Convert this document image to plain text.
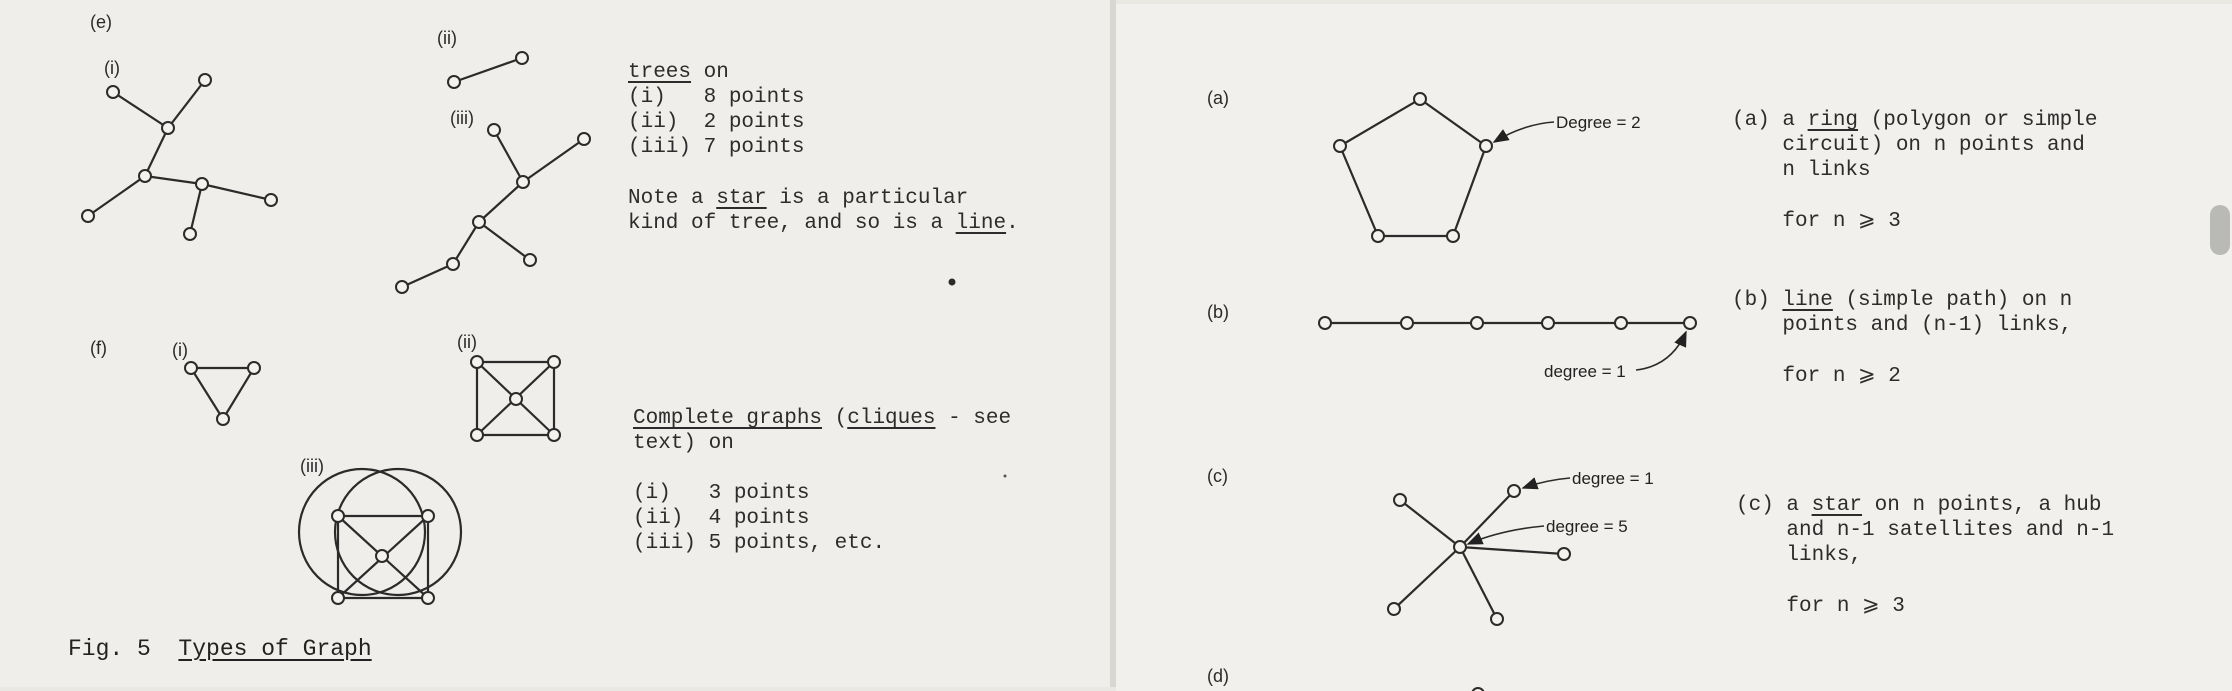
(e)
(i)
(ii)
(iii)
trees on
(i)   8 points
(ii)  2 points
(iii) 7 points
Note a star is a particular
kind of tree, and so is a line.
(f)	(i)	(ii)
(iii)
Complete graphs (cliques - see
text) on
(i)   3 points
(ii)  4 points
(iii) 5 points, etc.
Fig. 5  Types of Graph
(a)
(b)
(c)
(d)
(a) a ring (polygon or simple
circuit) on n points and
n links
for n ⩾ 3
(b) line (simple path) on n
points and (n-1) links,
for n ⩾ 2
(c) a star on n points, a hub
and n-1 satellites and n-1
links,
for n ⩾ 3
Degree = 2
degree = 1
degree = 1
degree = 5
